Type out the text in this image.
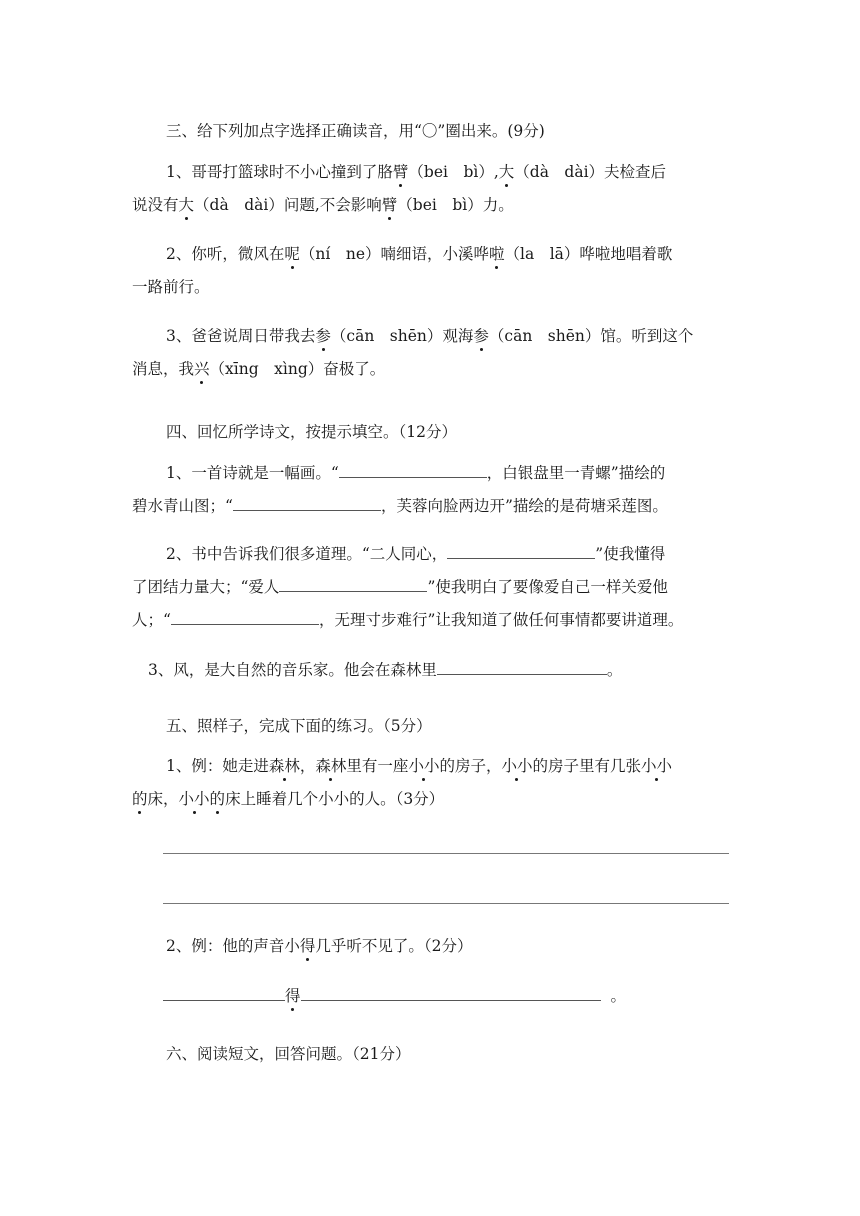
三、给下列加点字选择正确读音，用“〇”圈出来。(9分)
1、哥哥打篮球时不小心撞到了胳臂（bei　bì）,大（dà　dài）夫检查后
说没有大（dà　dài）问题,不会影响臂（bei　bì）力。
2、你听，微风在呢（ní　ne）喃细语，小溪哗啦（la　lā）哗啦地唱着歌
一路前行。
3、爸爸说周日带我去参（cān　shēn）观海参（cān　shēn）馆。听到这个
消息，我兴（xīng　xìng）奋极了。
四、回忆所学诗文，按提示填空。（12分）
1、一首诗就是一幅画。“	，白银盘里一青螺”描绘的
碧水青山图；“	，芙蓉向脸两边开”描绘的是荷塘采莲图。
2、书中告诉我们很多道理。“二人同心，	”使我懂得
了团结力量大；“爱人	”使我明白了要像爱自己一样关爱他
人；“	，无理寸步难行”让我知道了做任何事情都要讲道理。
3、风，是大自然的音乐家。他会在森林里	。
五、照样子，完成下面的练习。（5分）
1、例：她走进森林，森林里有一座小小的房子，小小的房子里有几张小小
的床，小小的床上睡着几个小小的人。（3分）
2、例：他的声音小得几乎听不见了。（2分）
得	。
六、阅读短文，回答问题。（21分）
